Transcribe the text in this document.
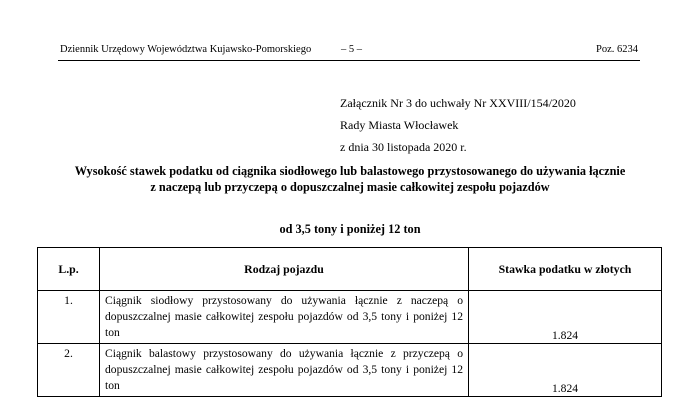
Dziennik Urzędowy Województwa Kujawsko-Pomorskiego	– 5 –	Poz. 6234
Załącznik Nr 3 do uchwały Nr XXVIII/154/2020
Rady Miasta Włocławek
z dnia 30 listopada 2020 r.
Wysokość stawek podatku od ciągnika siodłowego lub balastowego przystosowanego do używania łącznie
z naczepą lub przyczepą o dopuszczalnej masie całkowitej zespołu pojazdów
od 3,5 tony i poniżej 12 ton
L.p.	Rodzaj pojazdu	Stawka podatku w złotych
1.	Ciągnik siodłowy przystosowany do używania łącznie z naczepą o dopuszczalnej masie całkowitej zespołu pojazdów od 3,5 tony i poniżej 12 ton	1.824
2.	Ciągnik balastowy przystosowany do używania łącznie z przyczepą o dopuszczalnej masie całkowitej zespołu pojazdów od 3,5 tony i poniżej 12 ton	1.824
